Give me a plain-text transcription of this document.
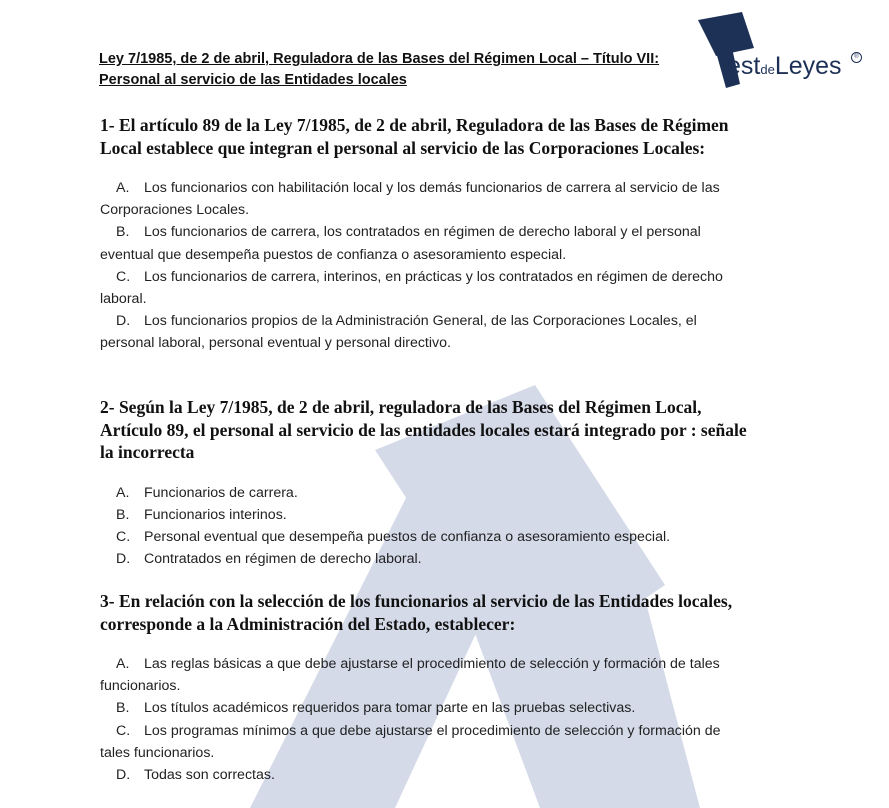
Ley 7/1985, de 2 de abril, Reguladora de las Bases del Régimen Local – Título VII:
Personal al servicio de las Entidades locales	estdeLeyes	®

1- El artículo 89 de la Ley 7/1985, de 2 de abril, Reguladora de las Bases de Régimen Local establece que integran el personal al servicio de las Corporaciones Locales:

A. Los funcionarios con habilitación local y los demás funcionarios de carrera al servicio de las Corporaciones Locales.
B. Los funcionarios de carrera, los contratados en régimen de derecho laboral y el personal eventual que desempeña puestos de confianza o asesoramiento especial.
C. Los funcionarios de carrera, interinos, en prácticas y los contratados en régimen de derecho laboral.
D. Los funcionarios propios de la Administración General, de las Corporaciones Locales, el personal laboral, personal eventual y personal directivo.

2- Según la Ley 7/1985, de 2 de abril, reguladora de las Bases del Régimen Local, Artículo 89, el personal al servicio de las entidades locales estará integrado por : señale la incorrecta

A. Funcionarios de carrera.
B. Funcionarios interinos.
C. Personal eventual que desempeña puestos de confianza o asesoramiento especial.
D. Contratados en régimen de derecho laboral.

3- En relación con la selección de los funcionarios al servicio de las Entidades locales, corresponde a la Administración del Estado, establecer:

A. Las reglas básicas a que debe ajustarse el procedimiento de selección y formación de tales funcionarios.
B. Los títulos académicos requeridos para tomar parte en las pruebas selectivas.
C. Los programas mínimos a que debe ajustarse el procedimiento de selección y formación de tales funcionarios.
D. Todas son correctas.
